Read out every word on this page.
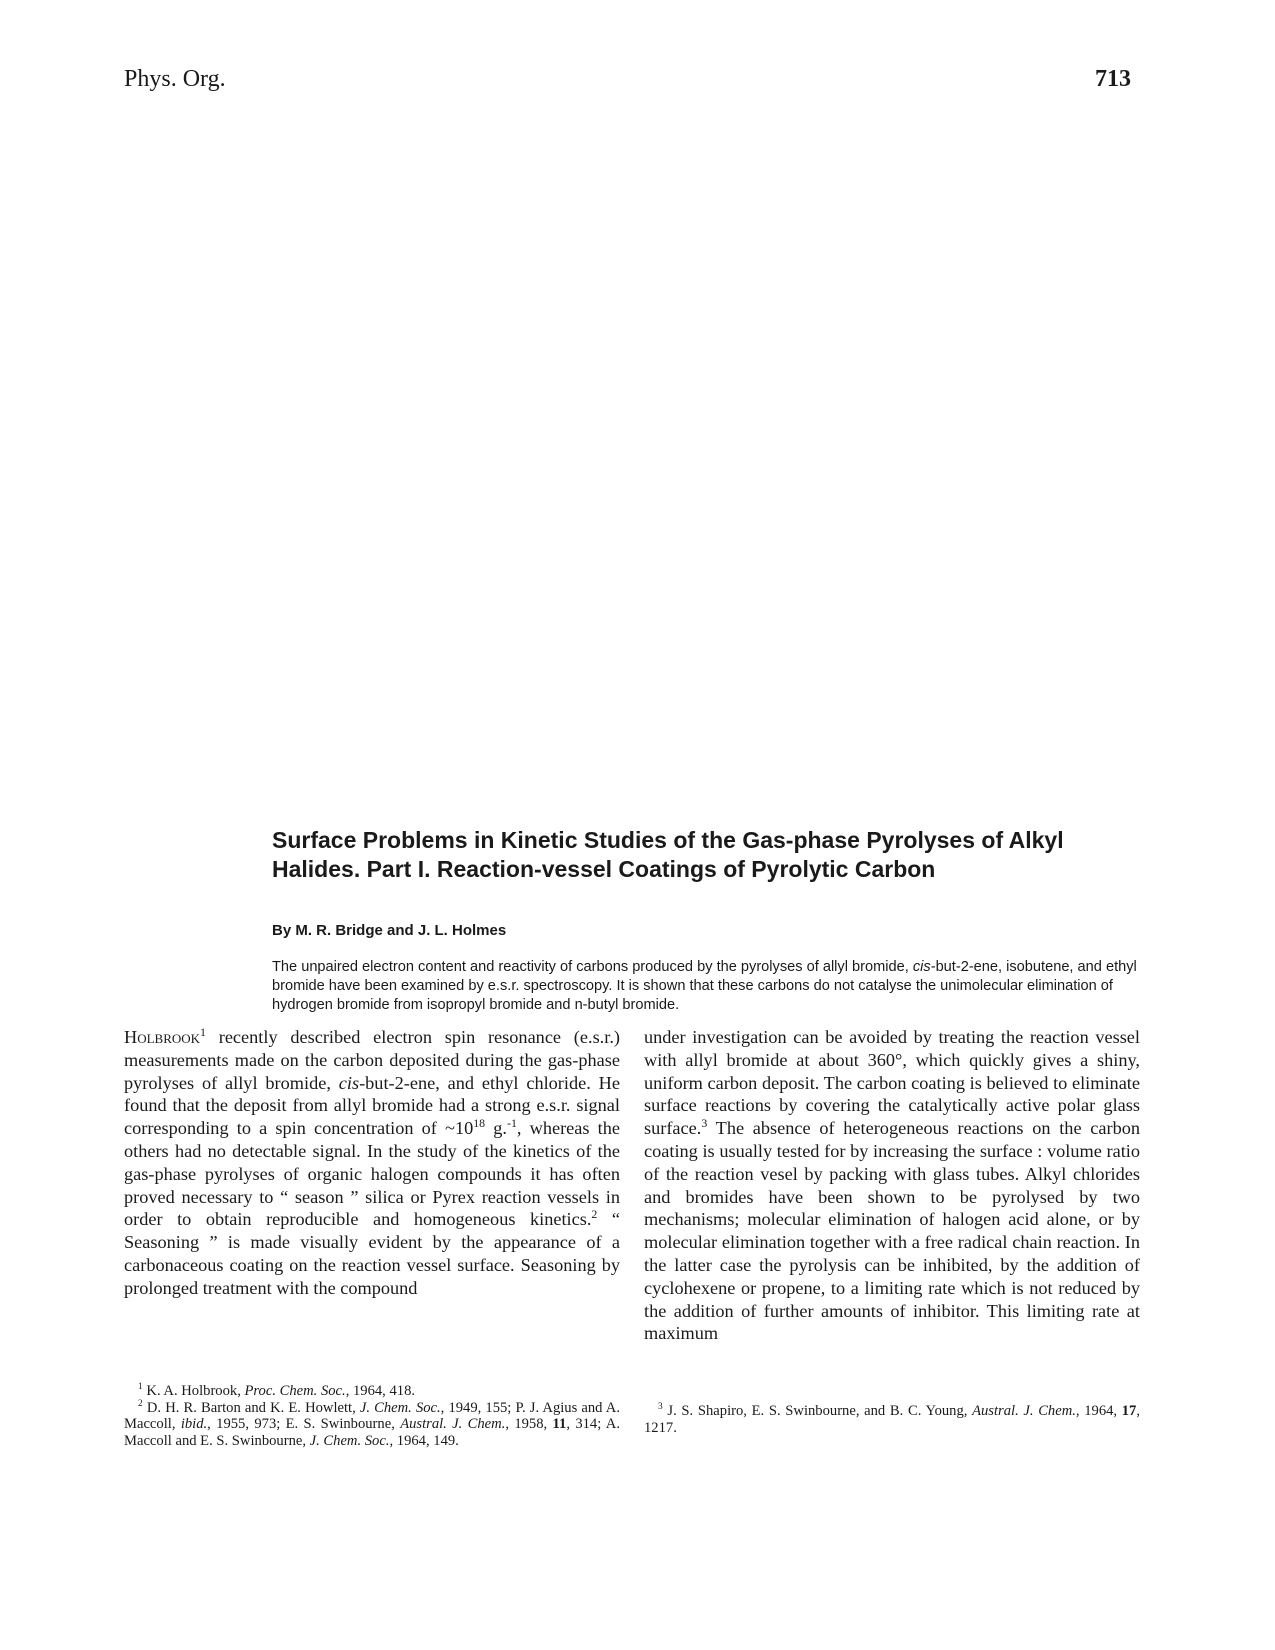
Phys. Org.	713
Surface Problems in Kinetic Studies of the Gas-phase Pyrolyses of Alkyl Halides. Part I. Reaction-vessel Coatings of Pyrolytic Carbon
By M. R. Bridge and J. L. Holmes

The unpaired electron content and reactivity of carbons produced by the pyrolyses of allyl bromide, cis-but-2-ene, isobutene, and ethyl bromide have been examined by e.s.r. spectroscopy. It is shown that these carbons do not catalyse the unimolecular elimination of hydrogen bromide from isopropyl bromide and n-butyl bromide.

Holbrook$^1$ recently described electron spin resonance (e.s.r.) measurements made on the carbon deposited during the gas-phase pyrolyses of allyl bromide, cis-but-2-ene, and ethyl chloride. He found that the deposit from allyl bromide had a strong e.s.r. signal corresponding to a spin concentration of $\sim 10^{18}$ g.$^{-1}$, whereas the others had no detectable signal. In the study of the kinetics of the gas-phase pyrolyses of organic halogen compounds it has often proved necessary to “ season ” silica or Pyrex reaction vessels in order to obtain reproducible and homogeneous kinetics.$^2$ “ Seasoning ” is made visually evident by the appearance of a carbonaceous coating on the reaction vessel surface. Seasoning by prolonged treatment with the compound

under investigation can be avoided by treating the reaction vessel with allyl bromide at about 360°, which quickly gives a shiny, uniform carbon deposit. The carbon coating is believed to eliminate surface reactions by covering the catalytically active polar glass surface.$^3$ The absence of heterogeneous reactions on the carbon coating is usually tested for by increasing the surface : volume ratio of the reaction vesel by packing with glass tubes. Alkyl chlorides and bromides have been shown to be pyrolysed by two mechanisms; molecular elimination of halogen acid alone, or by molecular elimination together with a free radical chain reaction. In the latter case the pyrolysis can be inhibited, by the addition of cyclohexene or propene, to a limiting rate which is not reduced by the addition of further amounts of inhibitor. This limiting rate at maximum

$^1$ K. A. Holbrook, Proc. Chem. Soc., 1964, 418.

$^2$ D. H. R. Barton and K. E. Howlett, J. Chem. Soc., 1949, 155; P. J. Agius and A. Maccoll, ibid., 1955, 973; E. S. Swinbourne, Austral. J. Chem., 1958, 11, 314; A. Maccoll and E. S. Swinbourne, J. Chem. Soc., 1964, 149.

$^3$ J. S. Shapiro, E. S. Swinbourne, and B. C. Young, Austral. J. Chem., 1964, 17, 1217.
